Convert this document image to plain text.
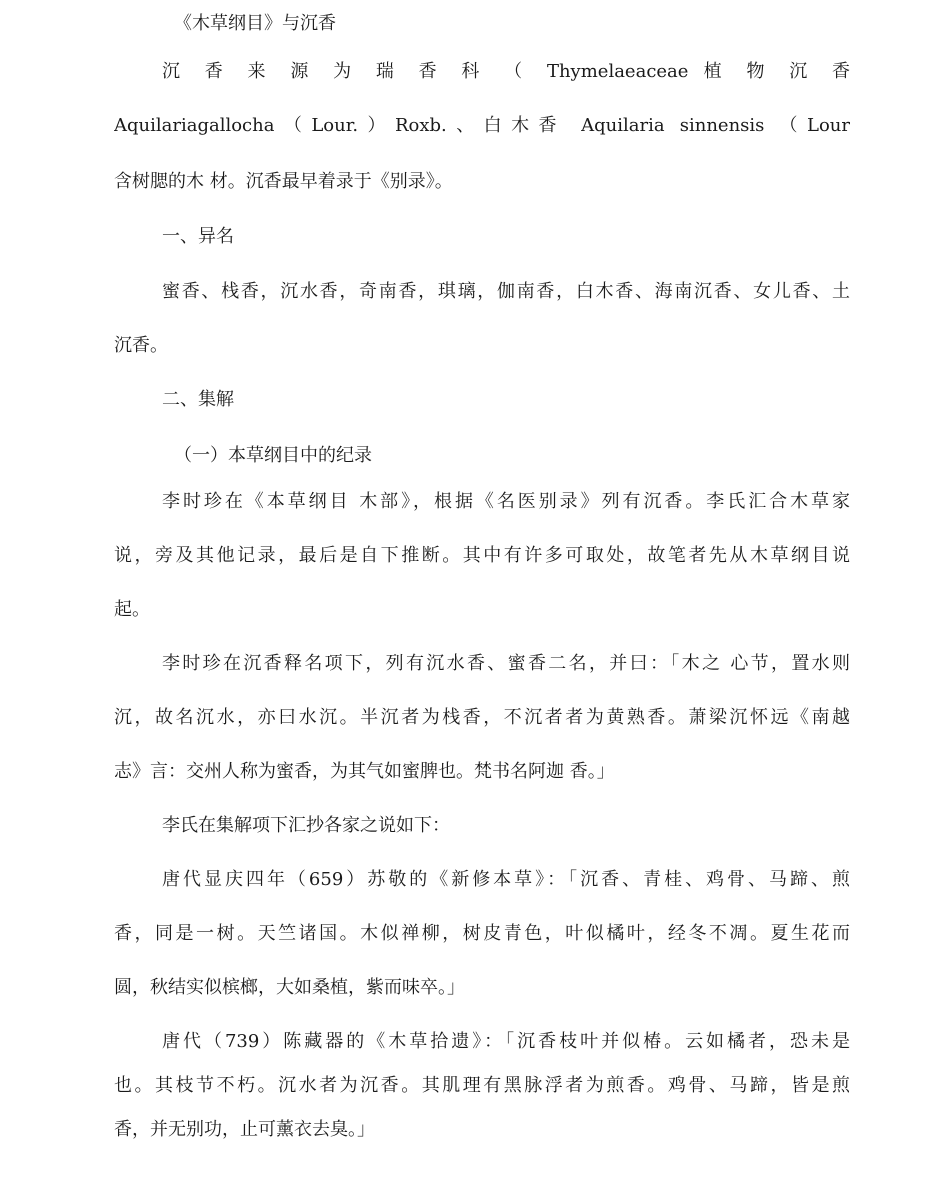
《木草纲目》与沉香
沉 香 来 源 为 瑞 香 科 （ Thymelaeaceae 植 物 沉 香
Aquilariagallocha（Lour.）Roxb.、白木香 Aquilaria sinnensis （Lour
含树腮的木 材。沉香最早着录于《别录》。
一、异名
蜜香、栈香，沉水香，奇南香，琪璃，伽南香，白木香、海南沉香、女儿香、土
沉香。
二、集解
（一）本草纲目中的纪录
李时珍在《本草纲目 木部》，根据《名医别录》列有沉香。李氏汇合木草家
说，旁及其他记录，最后是自下推断。其中有许多可取处，故笔者先从木草纲目说
起。
李时珍在沉香释名项下，列有沉水香、蜜香二名，并曰：「木之 心节，置水则
沉，故名沉水，亦曰水沉。半沉者为栈香，不沉者者为黄熟香。萧梁沉怀远《南越
志》言：交州人称为蜜香，为其气如蜜脾也。梵书名阿迦 香。」
李氏在集解项下汇抄各家之说如下：
唐代显庆四年（659）苏敬的《新修本草》：「沉香、青桂、鸡骨、马蹄、煎
香，同是一树。天竺诸国。木似禅柳，树皮青色，叶似橘叶，经冬不凋。夏生花而
圆，秋结实似槟榔，大如桑植，紫而味卒。」
唐代（739）陈藏器的《木草拾遗》：「沉香枝叶并似椿。云如橘者，恐未是
也。其枝节不朽。沉水者为沉香。其肌理有黑脉浮者为煎香。鸡骨、马蹄，皆是煎
香，并无别功，止可薰衣去臭。」
